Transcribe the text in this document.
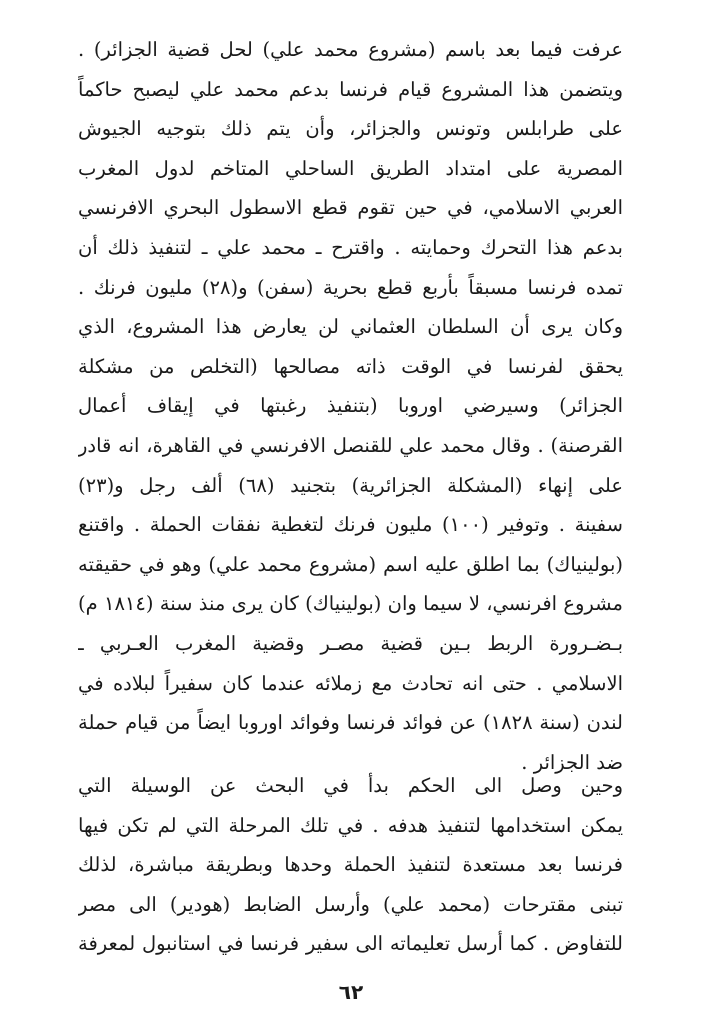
عرفت فيما بعد باسم (مشروع محمد علي) لحل قضية الجزائر) .
ويتضمن هذا المشروع قيام فرنسا بدعم محمد علي ليصبح حاكماً
على طرابلس وتونس والجزائر، وأن يتم ذلك بتوجيه الجيوش
المصرية على امتداد الطريق الساحلي المتاخم لدول المغرب
العربي الاسلامي، في حين تقوم قطع الاسطول البحري الافرنسي
بدعم هذا التحرك وحمايته . واقترح ـ محمد علي ـ لتنفيذ ذلك أن
تمده فرنسا مسبقاً بأربع قطع بحرية (سفن) و(٢٨) مليون فرنك .
وكان يرى أن السلطان العثماني لن يعارض هذا المشروع، الذي
يحقق لفرنسا في الوقت ذاته مصالحها (التخلص من مشكلة
الجزائر) وسيرضي اوروبا (بتنفيذ رغبتها في إيقاف أعمال
القرصنة) . وقال محمد علي للقنصل الافرنسي في القاهرة، انه قادر
على إنهاء (المشكلة الجزائرية) بتجنيد (٦٨) ألف رجل و(٢٣)
سفينة . وتوفير (١٠٠) مليون فرنك لتغطية نفقات الحملة . واقتنع
(بولينياك) بما اطلق عليه اسم (مشروع محمد علي) وهو في حقيقته
مشروع افرنسي، لا سيما وان (بولينياك) كان يرى منذ سنة (١٨١٤ م)
بـضـرورة الربط بـين قضية مصـر وقضية المغرب العـربي ـ
الاسلامي . حتى انه تحادث مع زملائه عندما كان سفيراً لبلاده في
لندن (سنة ١٨٢٨) عن فوائد فرنسا وفوائد اوروبا ايضاً من قيام حملة
ضد الجزائر .
وحين وصل الى الحكم بدأ في البحث عن الوسيلة التي
يمكن استخدامها لتنفيذ هدفه . في تلك المرحلة التي لم تكن فيها
فرنسا بعد مستعدة لتنفيذ الحملة وحدها وبطريقة مباشرة، لذلك
تبنى مقترحات (محمد علي) وأرسل الضابط (هودير) الى مصر
للتفاوض . كما أرسل تعليماته الى سفير فرنسا في استانبول لمعرفة
٦٢
